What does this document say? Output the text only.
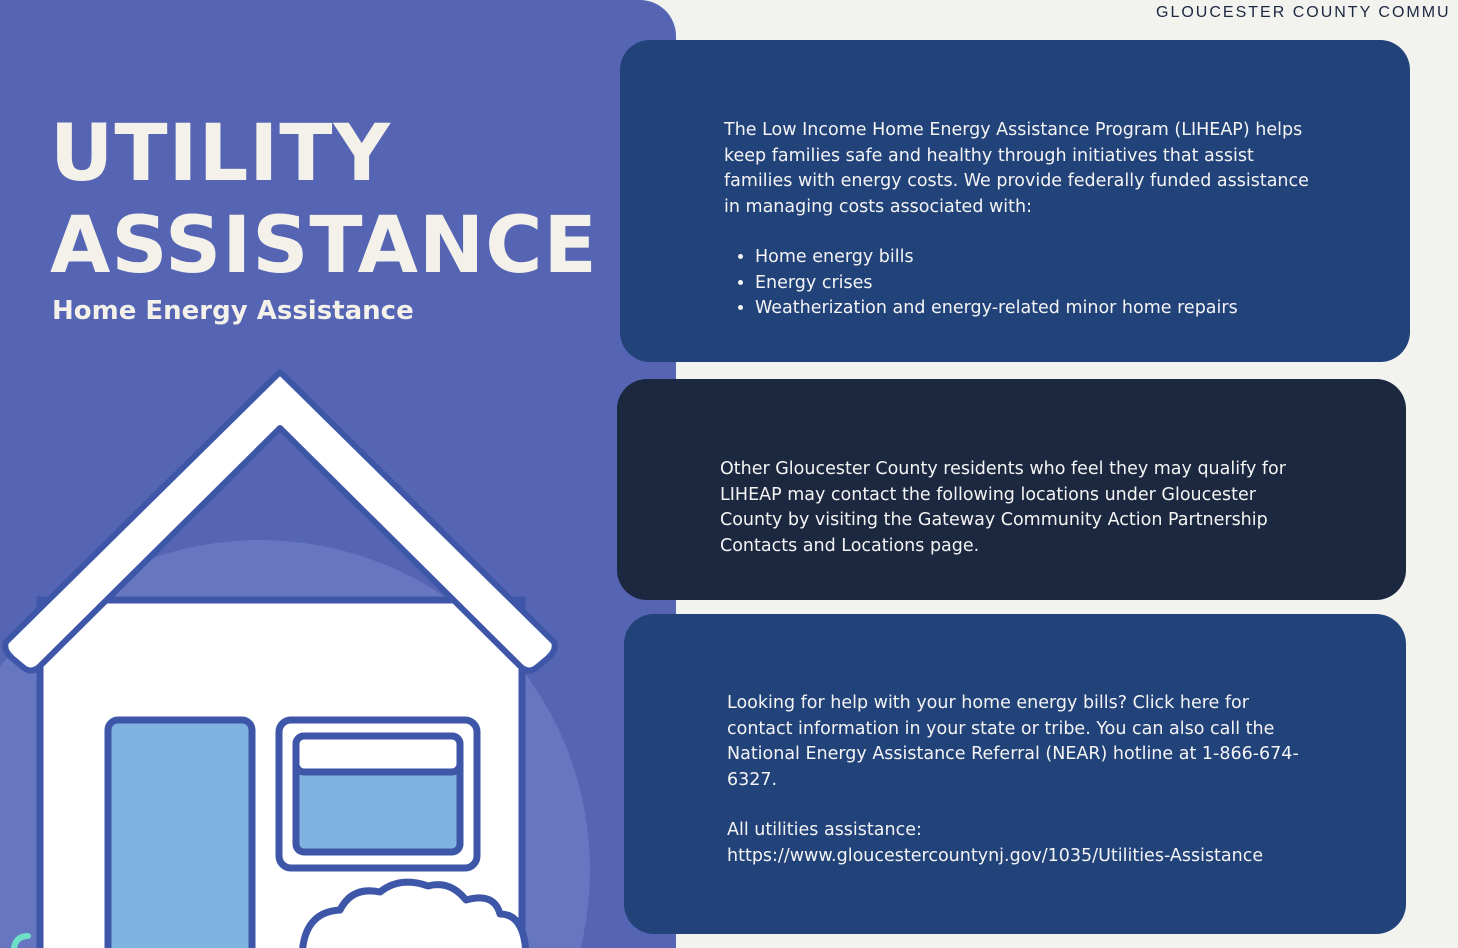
UTILITY
ASSISTANCE
Home Energy Assistance
GLOUCESTER COUNTY COMMU

The Low Income Home Energy Assistance Program (LIHEAP) helps keep families safe and healthy through initiatives that assist families with energy costs. We provide federally funded assistance in managing costs associated with:

• Home energy bills
• Energy crises
• Weatherization and energy-related minor home repairs

Other Gloucester County residents who feel they may qualify for LIHEAP may contact the following locations under Gloucester County by visiting the Gateway Community Action Partnership Contacts and Locations page.

Looking for help with your home energy bills? Click here for contact information in your state or tribe. You can also call the National Energy Assistance Referral (NEAR) hotline at 1-866-674-6327.

All utilities assistance:

https://www.gloucestercountynj.gov/1035/Utilities-Assistance
